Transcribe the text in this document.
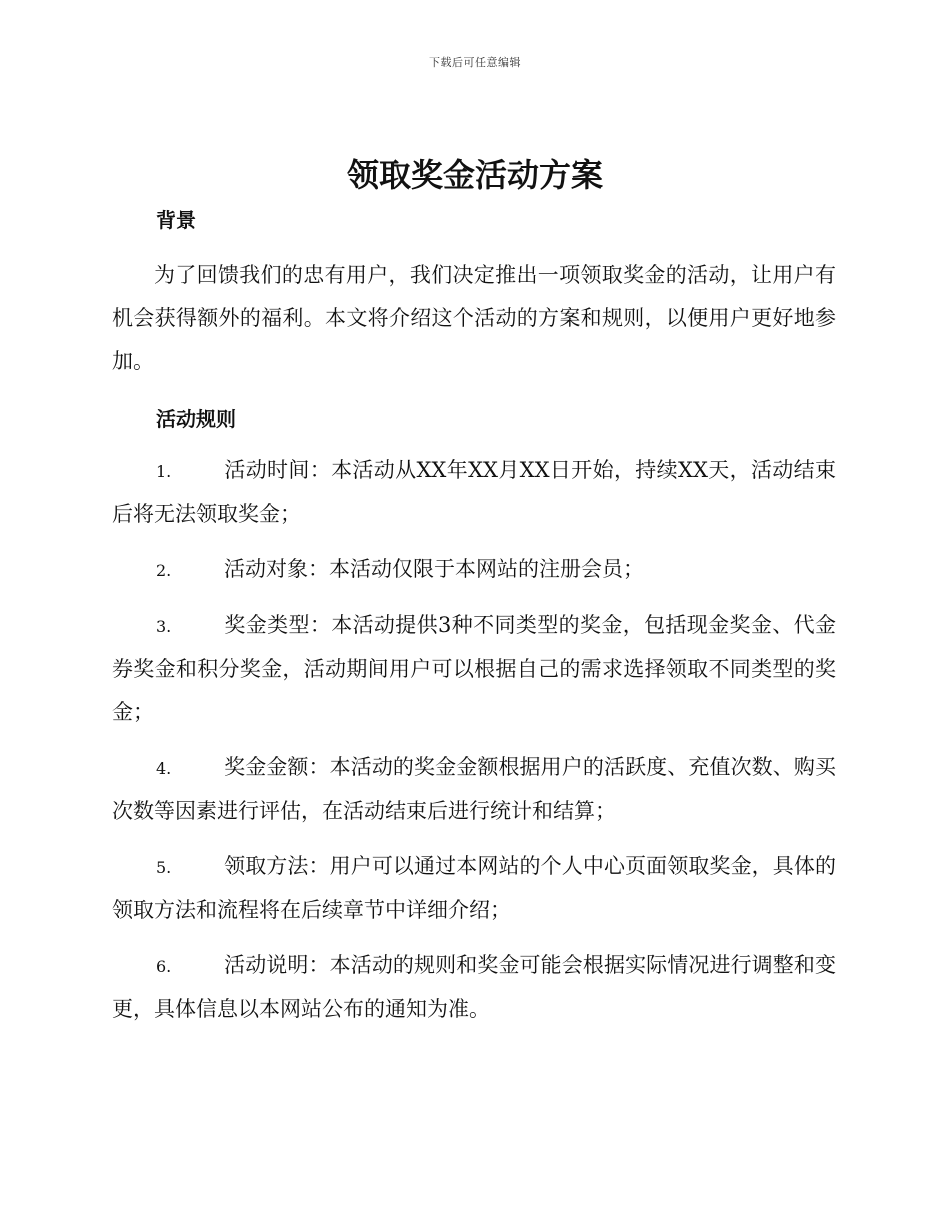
下载后可任意编辑
领取奖金活动方案
背景

为了回馈我们的忠有用户，我们决定推出一项领取奖金的活动，让用户有机会获得额外的福利。本文将介绍这个活动的方案和规则，以便用户更好地参加。

活动规则

1.	活动时间：本活动从XX年XX月XX日开始，持续XX天，活动结束后将无法领取奖金；

2.	活动对象：本活动仅限于本网站的注册会员；

3.	奖金类型：本活动提供3种不同类型的奖金，包括现金奖金、代金券奖金和积分奖金，活动期间用户可以根据自己的需求选择领取不同类型的奖金；

4.	奖金金额：本活动的奖金金额根据用户的活跃度、充值次数、购买次数等因素进行评估，在活动结束后进行统计和结算；

5.	领取方法：用户可以通过本网站的个人中心页面领取奖金，具体的领取方法和流程将在后续章节中详细介绍；

6.	活动说明：本活动的规则和奖金可能会根据实际情况进行调整和变更，具体信息以本网站公布的通知为准。
